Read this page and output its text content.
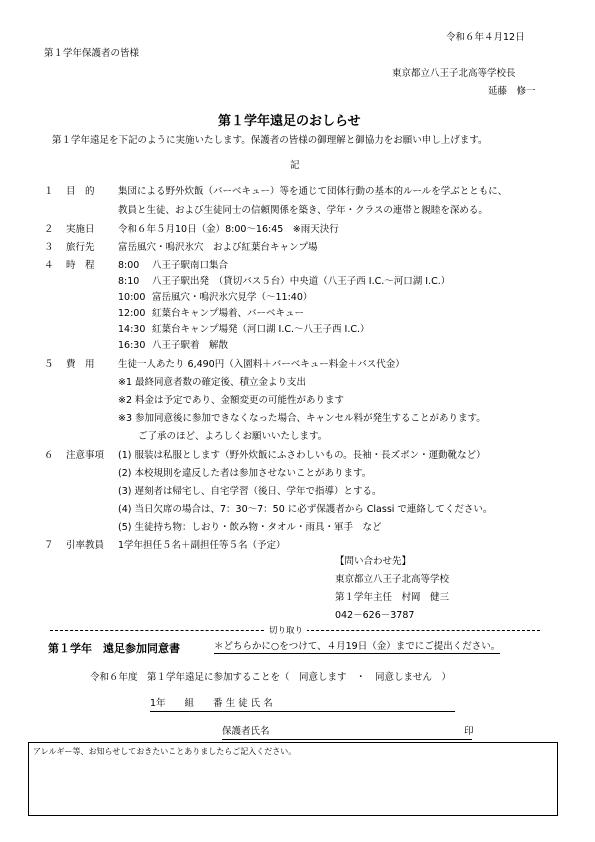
令和６年４月12日
第１学年保護者の皆様
東京都立八王子北高等学校長
延藤　修一
第１学年遠足のおしらせ
第１学年遠足を下記のように実施いたします。保護者の皆様の御理解と御協力をお願い申し上げます。
記
１ 目　的 集団による野外炊飯（バーベキュー）等を通じて団体行動の基本的ルールを学ぶとともに、
教員と生徒、および生徒同士の信頼関係を築き、学年・クラスの連帯と親睦を深める。
２ 実施日 令和６年５月10日（金）8:00～16:45　※雨天決行
３ 旅行先 富岳風穴・鳴沢氷穴　および紅葉台キャンプ場
４ 時　程 8:00 八王子駅南口集合
8:10 八王子駅出発　（貸切バス５台）中央道（八王子西 I.C.～河口湖 I.C.）
10:00 富岳風穴・鳴沢氷穴見学（～11:40）
12:00 紅葉台キャンプ場着、バーベキュー
14:30 紅葉台キャンプ場発（河口湖 I.C.～八王子西 I.C.）
16:30 八王子駅着　解散
５ 費　用 生徒一人あたり 6,490円（入園料＋バーベキュー料金＋バス代金）
※1 最終同意者数の確定後、積立金より支出
※2 料金は予定であり、金額変更の可能性があります
※3 参加同意後に参加できなくなった場合、キャンセル料が発生することがあります。
ご了承のほど、よろしくお願いいたします。
６ 注意事項 (1) 服装は私服とします（野外炊飯にふさわしいもの。長袖・長ズボン・運動靴など）
(2) 本校規則を違反した者は参加させないことがあります。
(3) 遅刻者は帰宅し、自宅学習（後日、学年で指導）とする。
(4) 当日欠席の場合は、7：30～7：50 に必ず保護者から Classi で連絡してください。
(5) 生徒持ち物：しおり・飲み物・タオル・雨具・軍手　など
７ 引率教員 1学年担任５名＋副担任等５名（予定）
【問い合わせ先】
東京都立八王子北高等学校
第１学年主任　村岡　健三
042－626－3787
切り取り
第１学年　遠足参加同意書	＊どちらかに○をつけて、４月19日（金）までにご提出ください。
令和６年度　第１学年遠足に参加することを（　同意します　・　同意しません　）
1年　　組　　番 生 徒 氏 名
保護者氏名	印
アレルギー等、お知らせしておきたいことありましたらご記入ください。
